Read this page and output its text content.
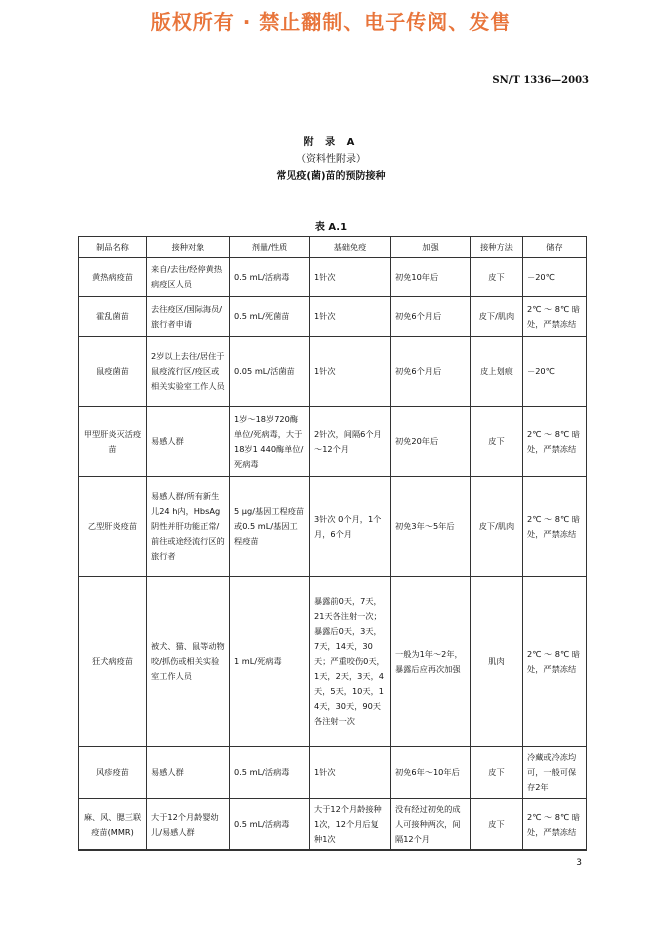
版权所有 · 禁止翻制、电子传阅、发售
SN/T 1336—2003
附 录 A
（资料性附录）
常见疫(菌)苗的预防接种
表 A.1
制品名称	接种对象	剂量/性质	基础免疫	加强	接种方法	储存
黄热病疫苗	来自/去往/经停黄热病疫区人员	0.5 mL/活病毒	1针次	初免10年后	皮下	－20℃
霍乱菌苗	去往疫区/国际海员/旅行者申请	0.5 mL/死菌苗	1针次	初免6个月后	皮下/肌肉	2℃ ～ 8℃ 暗处，严禁冻结
鼠疫菌苗	2岁以上去往/居住于鼠疫流行区/疫区或相关实验室工作人员	0.05 mL/活菌苗	1针次	初免6个月后	皮上划痕	－20℃
甲型肝炎灭活疫苗	易感人群	1岁～18岁720酶单位/死病毒，大于18岁1 440酶单位/死病毒	2针次，间隔6个月～12个月	初免20年后	皮下	2℃ ～ 8℃ 暗处，严禁冻结
乙型肝炎疫苗	易感人群/所有新生儿24 h内，HbsAg阴性并肝功能正常/前往或途经流行区的旅行者	5 μg/基因工程疫苗或0.5 mL/基因工程疫苗	3针次 0个月，1个月，6个月	初免3年～5年后	皮下/肌肉	2℃ ～ 8℃ 暗处，严禁冻结
狂犬病疫苗	被犬、猫、鼠等动物咬/抓伤或相关实验室工作人员	1 mL/死病毒	暴露前0天，7天，21天各注射一次；暴露后0天，3天，7天，14天，30天；严重咬伤0天，1天，2天，3天，4天，5天，10天，14天，30天，90天各注射一次	一般为1年～2年，暴露后应再次加强	肌肉	2℃ ～ 8℃ 暗处，严禁冻结
风疹疫苗	易感人群	0.5 mL/活病毒	1针次	初免6年～10年后	皮下	冷藏或冷冻均可，一般可保存2年
麻、风、腮三联疫苗(MMR)	大于12个月龄婴幼儿/易感人群	0.5 mL/活病毒	大于12个月龄接种1次，12个月后复种1次	没有经过初免的成人可接种两次，间隔12个月	皮下	2℃ ～ 8℃ 暗处，严禁冻结
3
